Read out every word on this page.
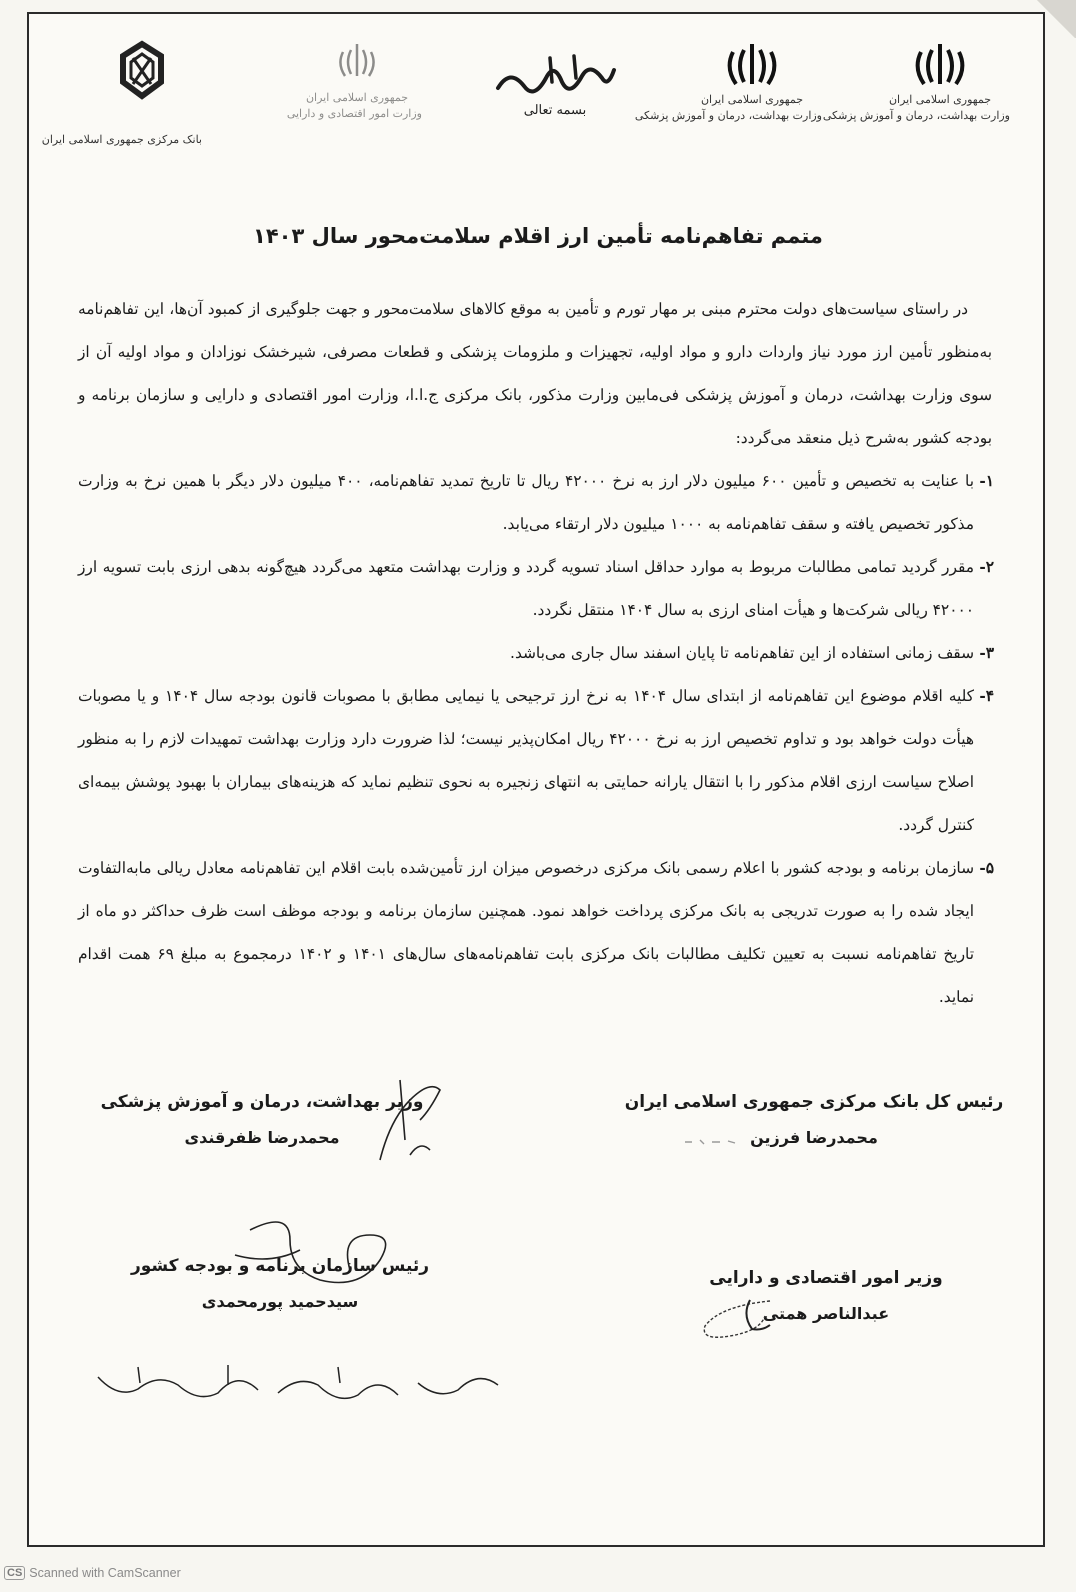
بانک مرکزی جمهوری اسلامی ایران
جمهوری اسلامی ایران
وزارت امور اقتصادی و دارایی	بسمه تعالی
جمهوری اسلامی ایران
وزارت بهداشت، درمان و آموزش پزشکی
جمهوری اسلامی ایران
وزارت بهداشت، درمان و آموزش پزشکی
متمم تفاهم‌نامه تأمین ارز اقلام سلامت‌محور سال ۱۴۰۳

در راستای سیاست‌های دولت محترم مبنی بر مهار تورم و تأمین به موقع کالاهای سلامت‌محور و جهت جلوگیری از کمبود آن‌ها، این تفاهم‌نامه به‌منظور تأمین ارز مورد نیاز واردات دارو و مواد اولیه، تجهیزات و ملزومات پزشکی و قطعات مصرفی، شیرخشک نوزادان و مواد اولیه آن از سوی وزارت بهداشت، درمان و آموزش پزشکی فی‌مابین وزارت مذکور، بانک مرکزی ج.ا.ا، وزارت امور اقتصادی و دارایی و سازمان برنامه و بودجه کشور به‌شرح ذیل منعقد می‌گردد:

۱-
با عنایت به تخصیص و تأمین ۶۰۰ میلیون دلار ارز به نرخ ۴۲۰۰۰ ریال تا تاریخ تمدید تفاهم‌نامه، ۴۰۰ میلیون دلار دیگر با همین نرخ به وزارت مذکور تخصیص یافته و سقف تفاهم‌نامه به ۱۰۰۰ میلیون دلار ارتقاء می‌یابد.

۲-
مقرر گردید تمامی مطالبات مربوط به موارد حداقل اسناد تسویه گردد و وزارت بهداشت متعهد می‌گردد هیچ‌گونه بدهی ارزی بابت تسویه ارز ۴۲۰۰۰ ریالی شرکت‌ها و هیأت امنای ارزی به سال ۱۴۰۴ منتقل نگردد.

۳-
سقف زمانی استفاده از این تفاهم‌نامه تا پایان اسفند سال جاری می‌باشد.

۴-
کلیه اقلام موضوع این تفاهم‌نامه از ابتدای سال ۱۴۰۴ به نرخ ارز ترجیحی یا نیمایی مطابق با مصوبات قانون بودجه سال ۱۴۰۴ و یا مصوبات هیأت دولت خواهد بود و تداوم تخصیص ارز به نرخ ۴۲۰۰۰ ریال امکان‌پذیر نیست؛ لذا ضرورت دارد وزارت بهداشت تمهیدات لازم را به منظور اصلاح سیاست ارزی اقلام مذکور را با انتقال یارانه حمایتی به انتهای زنجیره به نحوی تنظیم نماید که هزینه‌های بیماران با بهبود پوشش بیمه‌ای کنترل گردد.

۵-
سازمان برنامه و بودجه کشور با اعلام رسمی بانک مرکزی درخصوص میزان ارز تأمین‌شده بابت اقلام این تفاهم‌نامه معادل ریالی مابه‌التفاوت ایجاد شده را به صورت تدریجی به بانک مرکزی پرداخت خواهد نمود. همچنین سازمان برنامه و بودجه موظف است ظرف حداکثر دو ماه از تاریخ تفاهم‌نامه نسبت به تعیین تکلیف مطالبات بانک مرکزی بابت تفاهم‌نامه‌های سال‌های ۱۴۰۱ و ۱۴۰۲ درمجموع به مبلغ ۶۹ همت اقدام نماید.

رئیس کل بانک مرکزی جمهوری اسلامی ایران
محمدرضا فرزین
وزیر بهداشت، درمان و آموزش پزشکی
محمدرضا ظفرقندی
وزیر امور اقتصادی و دارایی
عبدالناصر همتی
رئیس سازمان برنامه و بودجه کشور
سیدحمید پورمحمدی
بند ۵ مبلغ ۶۹ همت باید برای رسیدگی گردد
CS Scanned with CamScanner
